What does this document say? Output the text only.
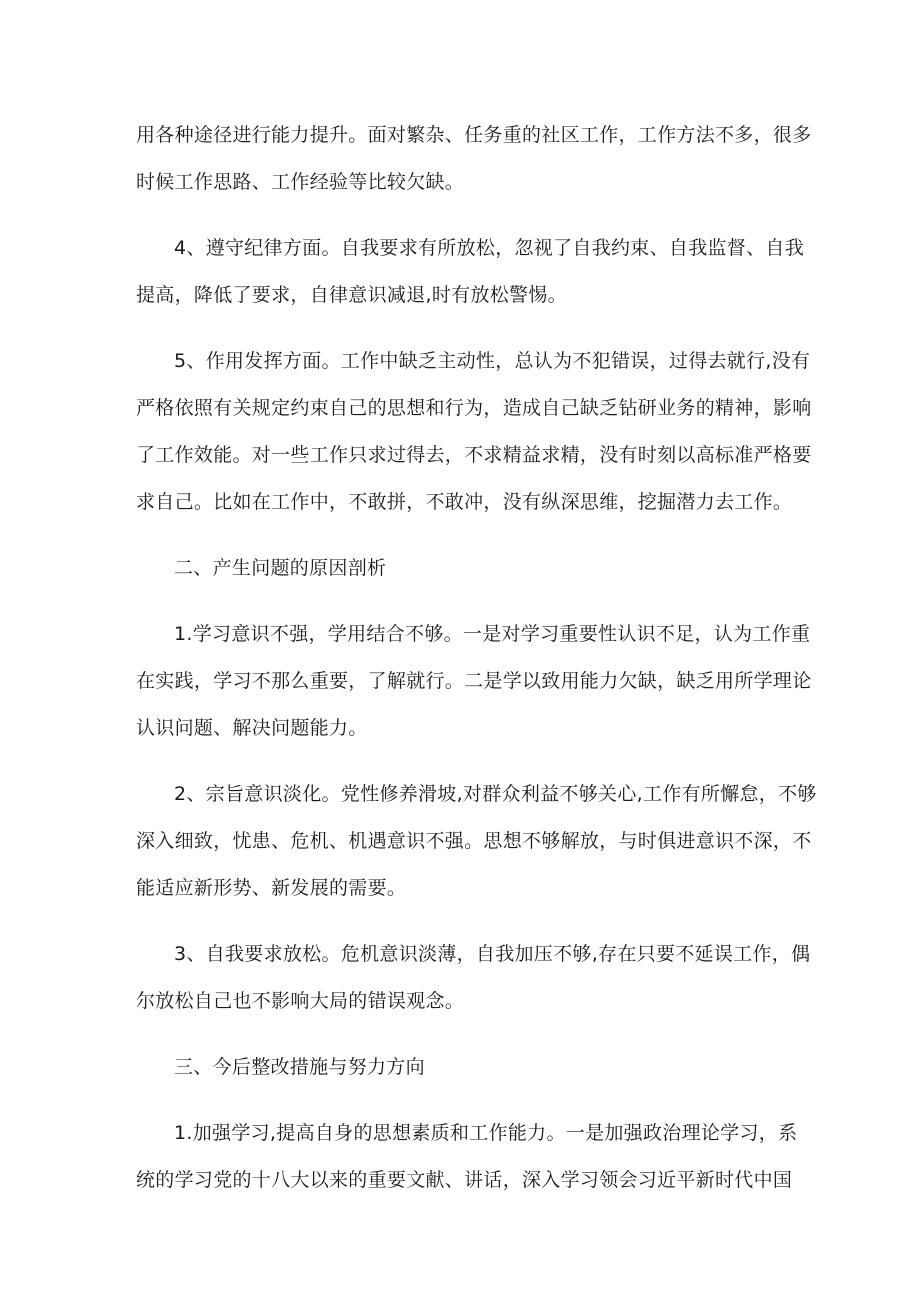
用各种途径进行能力提升。面对繁杂、任务重的社区工作，工作方法不多，很多
时候工作思路、工作经验等比较欠缺。

4、遵守纪律方面。自我要求有所放松，忽视了自我约束、自我监督、自我
提高，降低了要求，自律意识减退,时有放松警惕。

5、作用发挥方面。工作中缺乏主动性，总认为不犯错误，过得去就行,没有
严格依照有关规定约束自己的思想和行为，造成自己缺乏钻研业务的精神，影响
了工作效能。对一些工作只求过得去，不求精益求精，没有时刻以高标准严格要
求自己。比如在工作中，不敢拼，不敢冲，没有纵深思维，挖掘潜力去工作。

二、产生问题的原因剖析

1.学习意识不强，学用结合不够。一是对学习重要性认识不足，认为工作重
在实践，学习不那么重要，了解就行。二是学以致用能力欠缺，缺乏用所学理论
认识问题、解决问题能力。

2、宗旨意识淡化。党性修养滑坡,对群众利益不够关心,工作有所懈怠，不够
深入细致，忧患、危机、机遇意识不强。思想不够解放，与时俱进意识不深，不
能适应新形势、新发展的需要。

3、自我要求放松。危机意识淡薄，自我加压不够,存在只要不延误工作，偶
尔放松自己也不影响大局的错误观念。

三、今后整改措施与努力方向

1.加强学习,提高自身的思想素质和工作能力。一是加强政治理论学习，系
统的学习党的十八大以来的重要文献、讲话，深入学习领会习近平新时代中国
